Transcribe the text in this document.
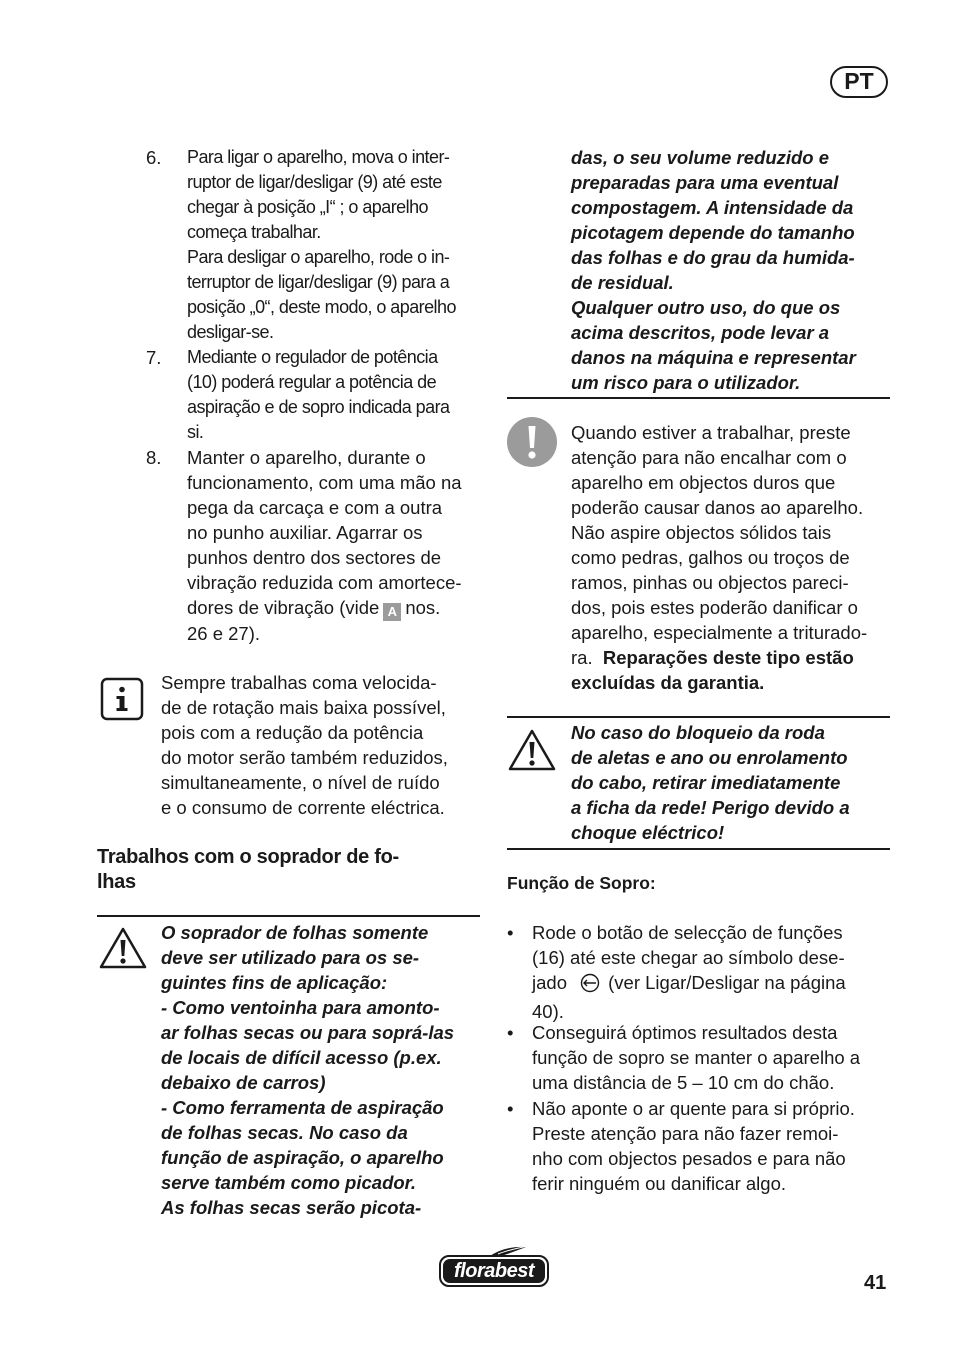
PT
6.	Para ligar o aparelho, mova o inter-
ruptor de ligar/desligar (9) até este
chegar à posição „I“ ; o aparelho
começa trabalhar.
Para desligar o aparelho, rode o in-
terruptor de ligar/desligar (9) para a
posição „0“, deste modo, o aparelho
desligar-se.
7.	Mediante o regulador de potência
(10) poderá regular a potência de
aspiração e de sopro indicada para
si.
8.	Manter o aparelho, durante o
funcionamento, com uma mão na
pega da carcaça e com a outra
no punho auxiliar. Agarrar os
punhos dentro dos sectores de
vibração reduzida com amortece-
dores de vibração (vide A nos.
26 e 27).
Sempre trabalhas coma velocida-
de de rotação mais baixa possível,
pois com a redução da potência
do motor serão também reduzidos,
simultaneamente, o nível de ruído
e o consumo de corrente eléctrica.
Trabalhos com o soprador de fo-
lhas
O soprador de folhas somente
deve ser utilizado para os se-
guintes fins de aplicação:
- Como ventoinha para amonto-
ar folhas secas ou para soprá-las
de locais de difícil acesso (p.ex.
debaixo de carros)
- Como ferramenta de aspiração
de folhas secas. No caso da
função de aspiração, o aparelho
serve também como picador.
As folhas secas serão picota-
das, o seu volume reduzido e
preparadas para uma eventual
compostagem. A intensidade da
picotagem depende do tamanho
das folhas e do grau da humida-
de residual.
Qualquer outro uso, do que os
acima descritos, pode levar a
danos na máquina e representar
um risco para o utilizador.
Quando estiver a trabalhar, preste
atenção para não encalhar com o
aparelho em objectos duros que
poderão causar danos ao aparelho.
Não aspire objectos sólidos tais
como pedras, galhos ou troços de
ramos, pinhas ou objectos pareci-
dos, pois estes poderão danificar o
aparelho, especialmente a triturado-
ra. Reparações deste tipo estão
excluídas da garantia.
No caso do bloqueio da roda
de aletas e ano ou enrolamento
do cabo, retirar imediatamente
a ficha da rede! Perigo devido a
choque eléctrico!
Função de Sopro:
• Rode o botão de selecção de funções
(16) até este chegar ao símbolo dese-
jado (ver Ligar/Desligar na página
40).
• Conseguirá óptimos resultados desta
função de sopro se manter o aparelho a
uma distância de 5 – 10 cm do chão.
• Não aponte o ar quente para si próprio.
Preste atenção para não fazer remoi-
nho com objectos pesados e para não
ferir ninguém ou danificar algo.
florabest
41
